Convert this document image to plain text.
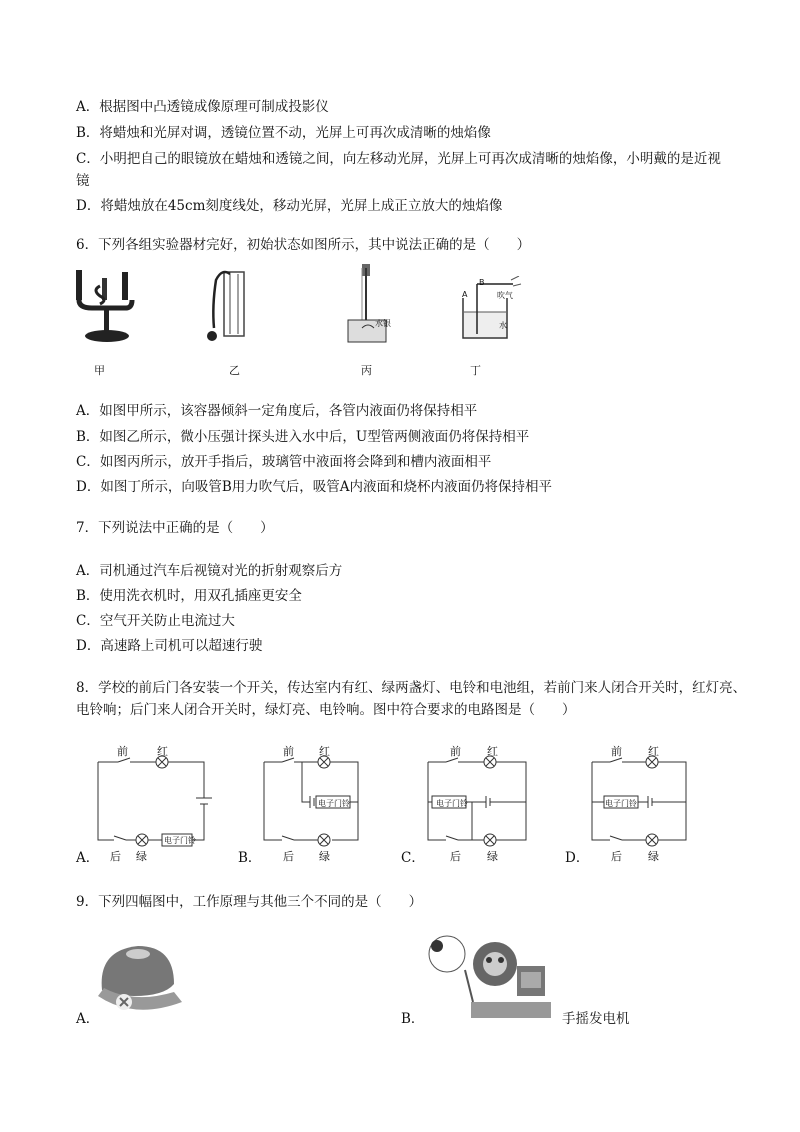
A．根据图中凸透镜成像原理可制成投影仪
B．将蜡烛和光屏对调，透镜位置不动，光屏上可再次成清晰的烛焰像
C．小明把自己的眼镜放在蜡烛和透镜之间，向左移动光屏，光屏上可再次成清晰的烛焰像，小明戴的是近视
镜
D．将蜡烛放在45cm刻度线处，移动光屏，光屏上成正立放大的烛焰像
6．下列各组实验器材完好，初始状态如图所示，其中说法正确的是（　　）
甲	乙
水银
丙
B
A	吹气
水
丁
A．如图甲所示，该容器倾斜一定角度后，各管内液面仍将保持相平
B．如图乙所示，微小压强计探头进入水中后，U型管两侧液面仍将保持相平
C．如图丙所示，放开手指后，玻璃管中液面将会降到和槽内液面相平
D．如图丁所示，向吸管B用力吹气后，吸管A内液面和烧杯内液面仍将保持相平
7．下列说法中正确的是（　　）
A．司机通过汽车后视镜对光的折射观察后方
B．使用洗衣机时，用双孔插座更安全
C．空气开关防止电流过大
D．高速路上司机可以超速行驶
8．学校的前后门各安装一个开关，传达室内有红、绿两盏灯、电铃和电池组，若前门来人闭合开关时，红灯亮、
电铃响；后门来人闭合开关时，绿灯亮、电铃响。图中符合要求的电路图是（　　）
电子门铃
前	红
后 绿
A．
电子门铃
前 红
后 绿
B．
电子门铃
前 红
后 绿
C．
电子门铃
前 红
后 绿
D．
9．下列四幅图中，工作原理与其他三个不同的是（　　）
A．	B．	手摇发电机
